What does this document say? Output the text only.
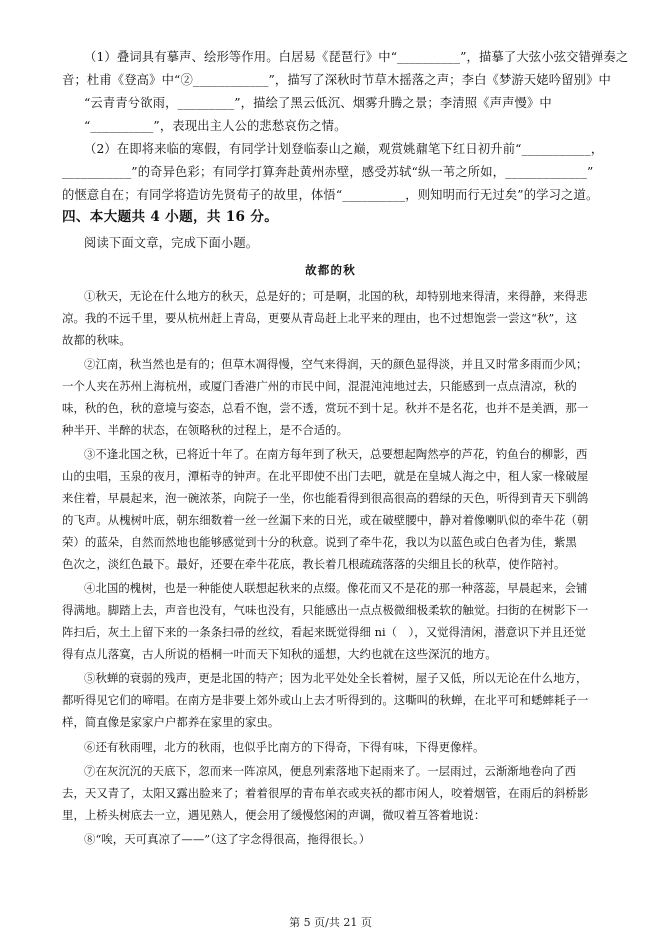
（1）叠词具有摹声、绘形等作用。白居易《琵琶行》中“__________”，描摹了大弦小弦交错弹奏之
音；杜甫《登高》中“②____________”，描写了深秋时节草木摇落之声；李白《梦游天姥吟留别》中
“云青青兮欲雨，_________”，描绘了黑云低沉、烟雾升腾之景；李清照《声声慢》中
“__________”，表现出主人公的悲愁哀伤之情。
（2）在即将来临的寒假，有同学计划登临泰山之巅，观赏姚鼐笔下红日初升前“___________，
___________”的奇异色彩；有同学打算奔赴黄州赤壁，感受苏轼“纵一苇之所如，_____________”
的惬意自在；有同学将造访先贤荀子的故里，体悟“__________，则知明而行无过矣”的学习之道。
四、本大题共 4 小题，共 16 分。
阅读下面文章，完成下面小题。
故都的秋
①秋天，无论在什么地方的秋天，总是好的；可是啊，北国的秋，却特别地来得清，来得静，来得悲
凉。我的不远千里，要从杭州赶上青岛，更要从青岛赶上北平来的理由，也不过想饱尝一尝这“秋”，这
故都的秋味。
②江南，秋当然也是有的；但草木凋得慢，空气来得润，天的颜色显得淡，并且又时常多雨而少风；
一个人夹在苏州上海杭州，或厦门香港广州的市民中间，混混沌沌地过去，只能感到一点点清凉，秋的
味，秋的色，秋的意境与姿态，总看不饱，尝不透，赏玩不到十足。秋并不是名花，也并不是美酒，那一
种半开、半醉的状态，在领略秋的过程上，是不合适的。
③不逢北国之秋，已将近十年了。在南方每年到了秋天，总要想起陶然亭的芦花，钓鱼台的柳影，西
山的虫唱，玉泉的夜月，潭柘寺的钟声。在北平即使不出门去吧，就是在皇城人海之中，租人家一椽破屋
来住着，早晨起来，泡一碗浓茶，向院子一坐，你也能看得到很高很高的碧绿的天色，听得到青天下驯鸽
的飞声。从槐树叶底，朝东细数着一丝一丝漏下来的日光，或在破壁腰中，静对着像喇叭似的牵牛花（朝
荣）的蓝朵，自然而然地也能够感觉到十分的秋意。说到了牵牛花，我以为以蓝色或白色者为佳，紫黑
色次之，淡红色最下。最好，还要在牵牛花底，教长着几根疏疏落落的尖细且长的秋草，使作陪衬。
④北国的槐树，也是一种能使人联想起秋来的点缀。像花而又不是花的那一种落蕊，早晨起来，会铺
得满地。脚踏上去，声音也没有，气味也没有，只能感出一点点极微细极柔软的触觉。扫街的在树影下一
阵扫后，灰土上留下来的一条条扫帚的丝纹，看起来既觉得细 ni（　），又觉得清闲，潜意识下并且还觉
得有点儿落寞，古人所说的梧桐一叶而天下知秋的遥想，大约也就在这些深沉的地方。
⑤秋蝉的衰弱的残声，更是北国的特产；因为北平处处全长着树，屋子又低，所以无论在什么地方，
都听得见它们的啼唱。在南方是非要上郊外或山上去才听得到的。这嘶叫的秋蝉，在北平可和蟋蟀耗子一
样，简直像是家家户户都养在家里的家虫。
⑥还有秋雨哩，北方的秋雨，也似乎比南方的下得奇，下得有味，下得更像样。
⑦在灰沉沉的天底下，忽而来一阵凉风，便息列索落地下起雨来了。一层雨过，云渐渐地卷向了西
去，天又青了，太阳又露出脸来了；着着很厚的青布单衣或夹袄的都市闲人，咬着烟管，在雨后的斜桥影
里，上桥头树底去一立，遇见熟人，便会用了缓慢悠闲的声调，微叹着互答着地说：
⑧“唉，天可真凉了——”（这了字念得很高，拖得很长。）
第 5 页/共 21 页
